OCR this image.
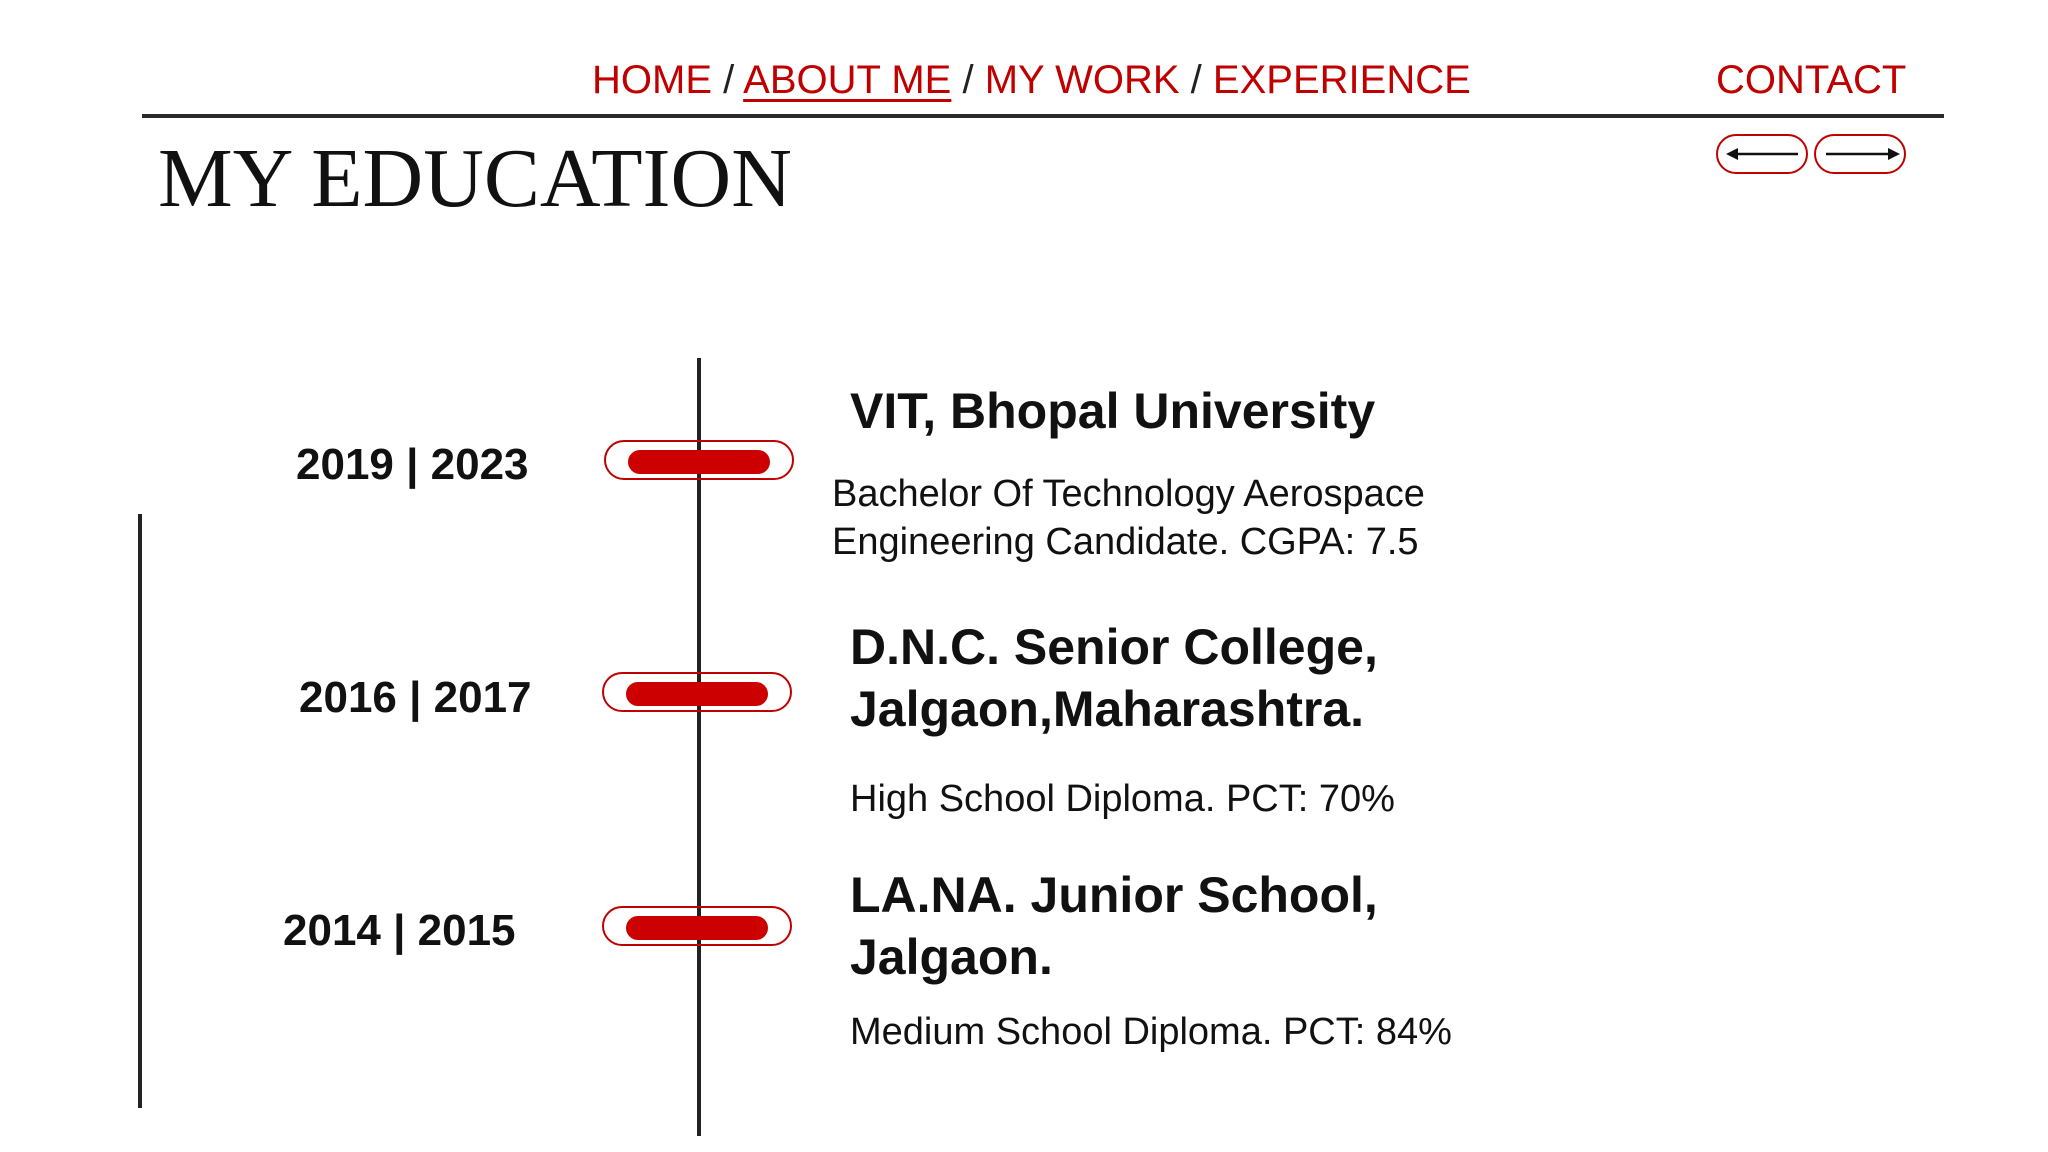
HOME / ABOUT ME / MY WORK / EXPERIENCE	CONTACT
MY EDUCATION
2019 | 2023
VIT, Bhopal University
Bachelor Of Technology Aerospace
Engineering Candidate. CGPA: 7.5
2016 | 2017
D.N.C. Senior College,
Jalgaon,Maharashtra.
High School Diploma. PCT: 70%
2014 | 2015
LA.NA. Junior School,
Jalgaon.
Medium School Diploma. PCT: 84%
